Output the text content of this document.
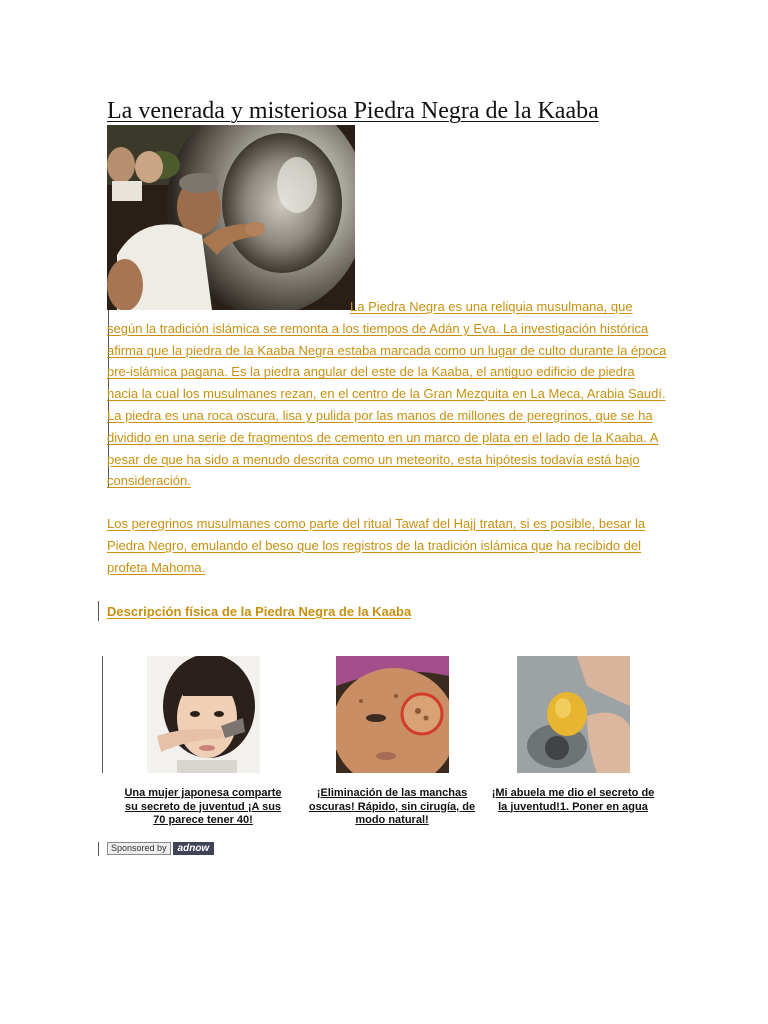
La venerada y misteriosa Piedra Negra de la Kaaba
La Piedra Negra es una reliquia musulmana, que según la tradición islámica se remonta a los tiempos de Adán y Eva. La investigación histórica afirma que la piedra de la Kaaba Negra estaba marcada como un lugar de culto durante la época pre-islámica pagana. Es la piedra angular del este de la Kaaba, el antiguo edificio de piedra hacia la cual los musulmanes rezan, en el centro de la Gran Mezquita en La Meca, Arabia Saudí. La piedra es una roca oscura, lisa y pulida por las manos de millones de peregrinos, que se ha dividido en una serie de fragmentos de cemento en un marco de plata en el lado de la Kaaba. A pesar de que ha sido a menudo descrita como un meteorito, esta hipótesis todavía está bajo consideración.
Los peregrinos musulmanes como parte del ritual Tawaf del Hajj tratan, si es posible, besar la Piedra Negro, emulando el beso que los registros de la tradición islámica que ha recibido del profeta Mahoma.
Descripción física de la Piedra Negra de la Kaaba
Una mujer japonesa comparte su secreto de juventud ¡A sus 70 parece tener 40!
¡Eliminación de las manchas oscuras! Rápido, sin cirugía, de modo natural!
¡Mi abuela me dio el secreto de la juventud!1. Poner en agua
Sponsored by	adnow
